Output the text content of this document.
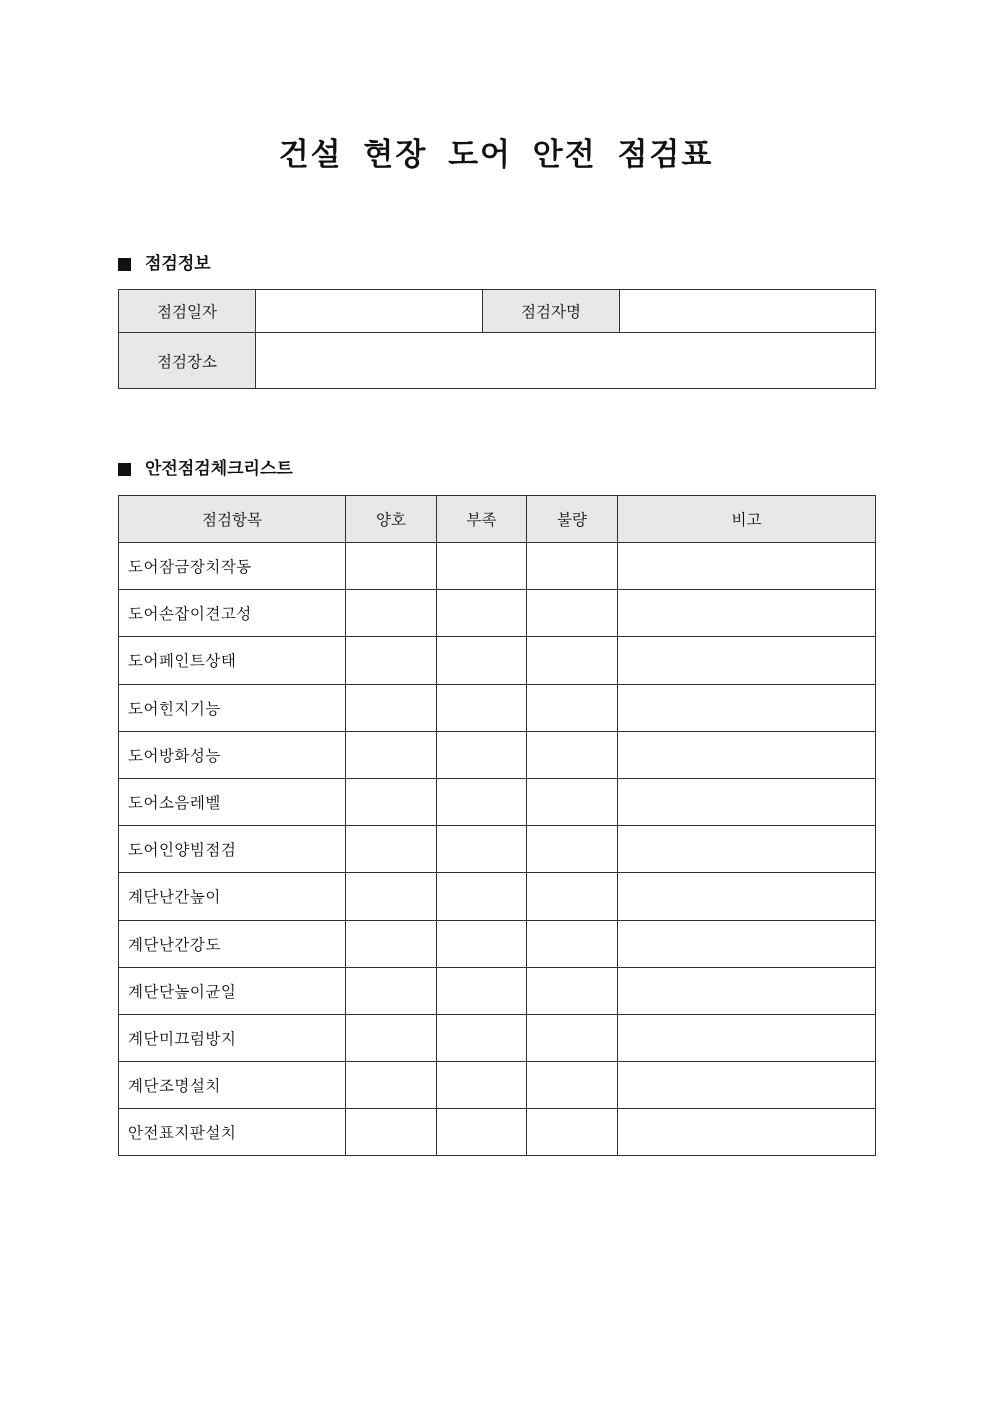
건설 현장 도어 안전 점검표
점검정보
점검일자		점검자명	
점검장소			
안전점검체크리스트
점검항목	양호	부족	불량	비고
도어잠금장치작동				
도어손잡이견고성				
도어페인트상태				
도어힌지기능				
도어방화성능				
도어소음레벨				
도어인양빔점검				
계단난간높이				
계단난간강도				
계단단높이균일				
계단미끄럼방지				
계단조명설치				
안전표지판설치				
